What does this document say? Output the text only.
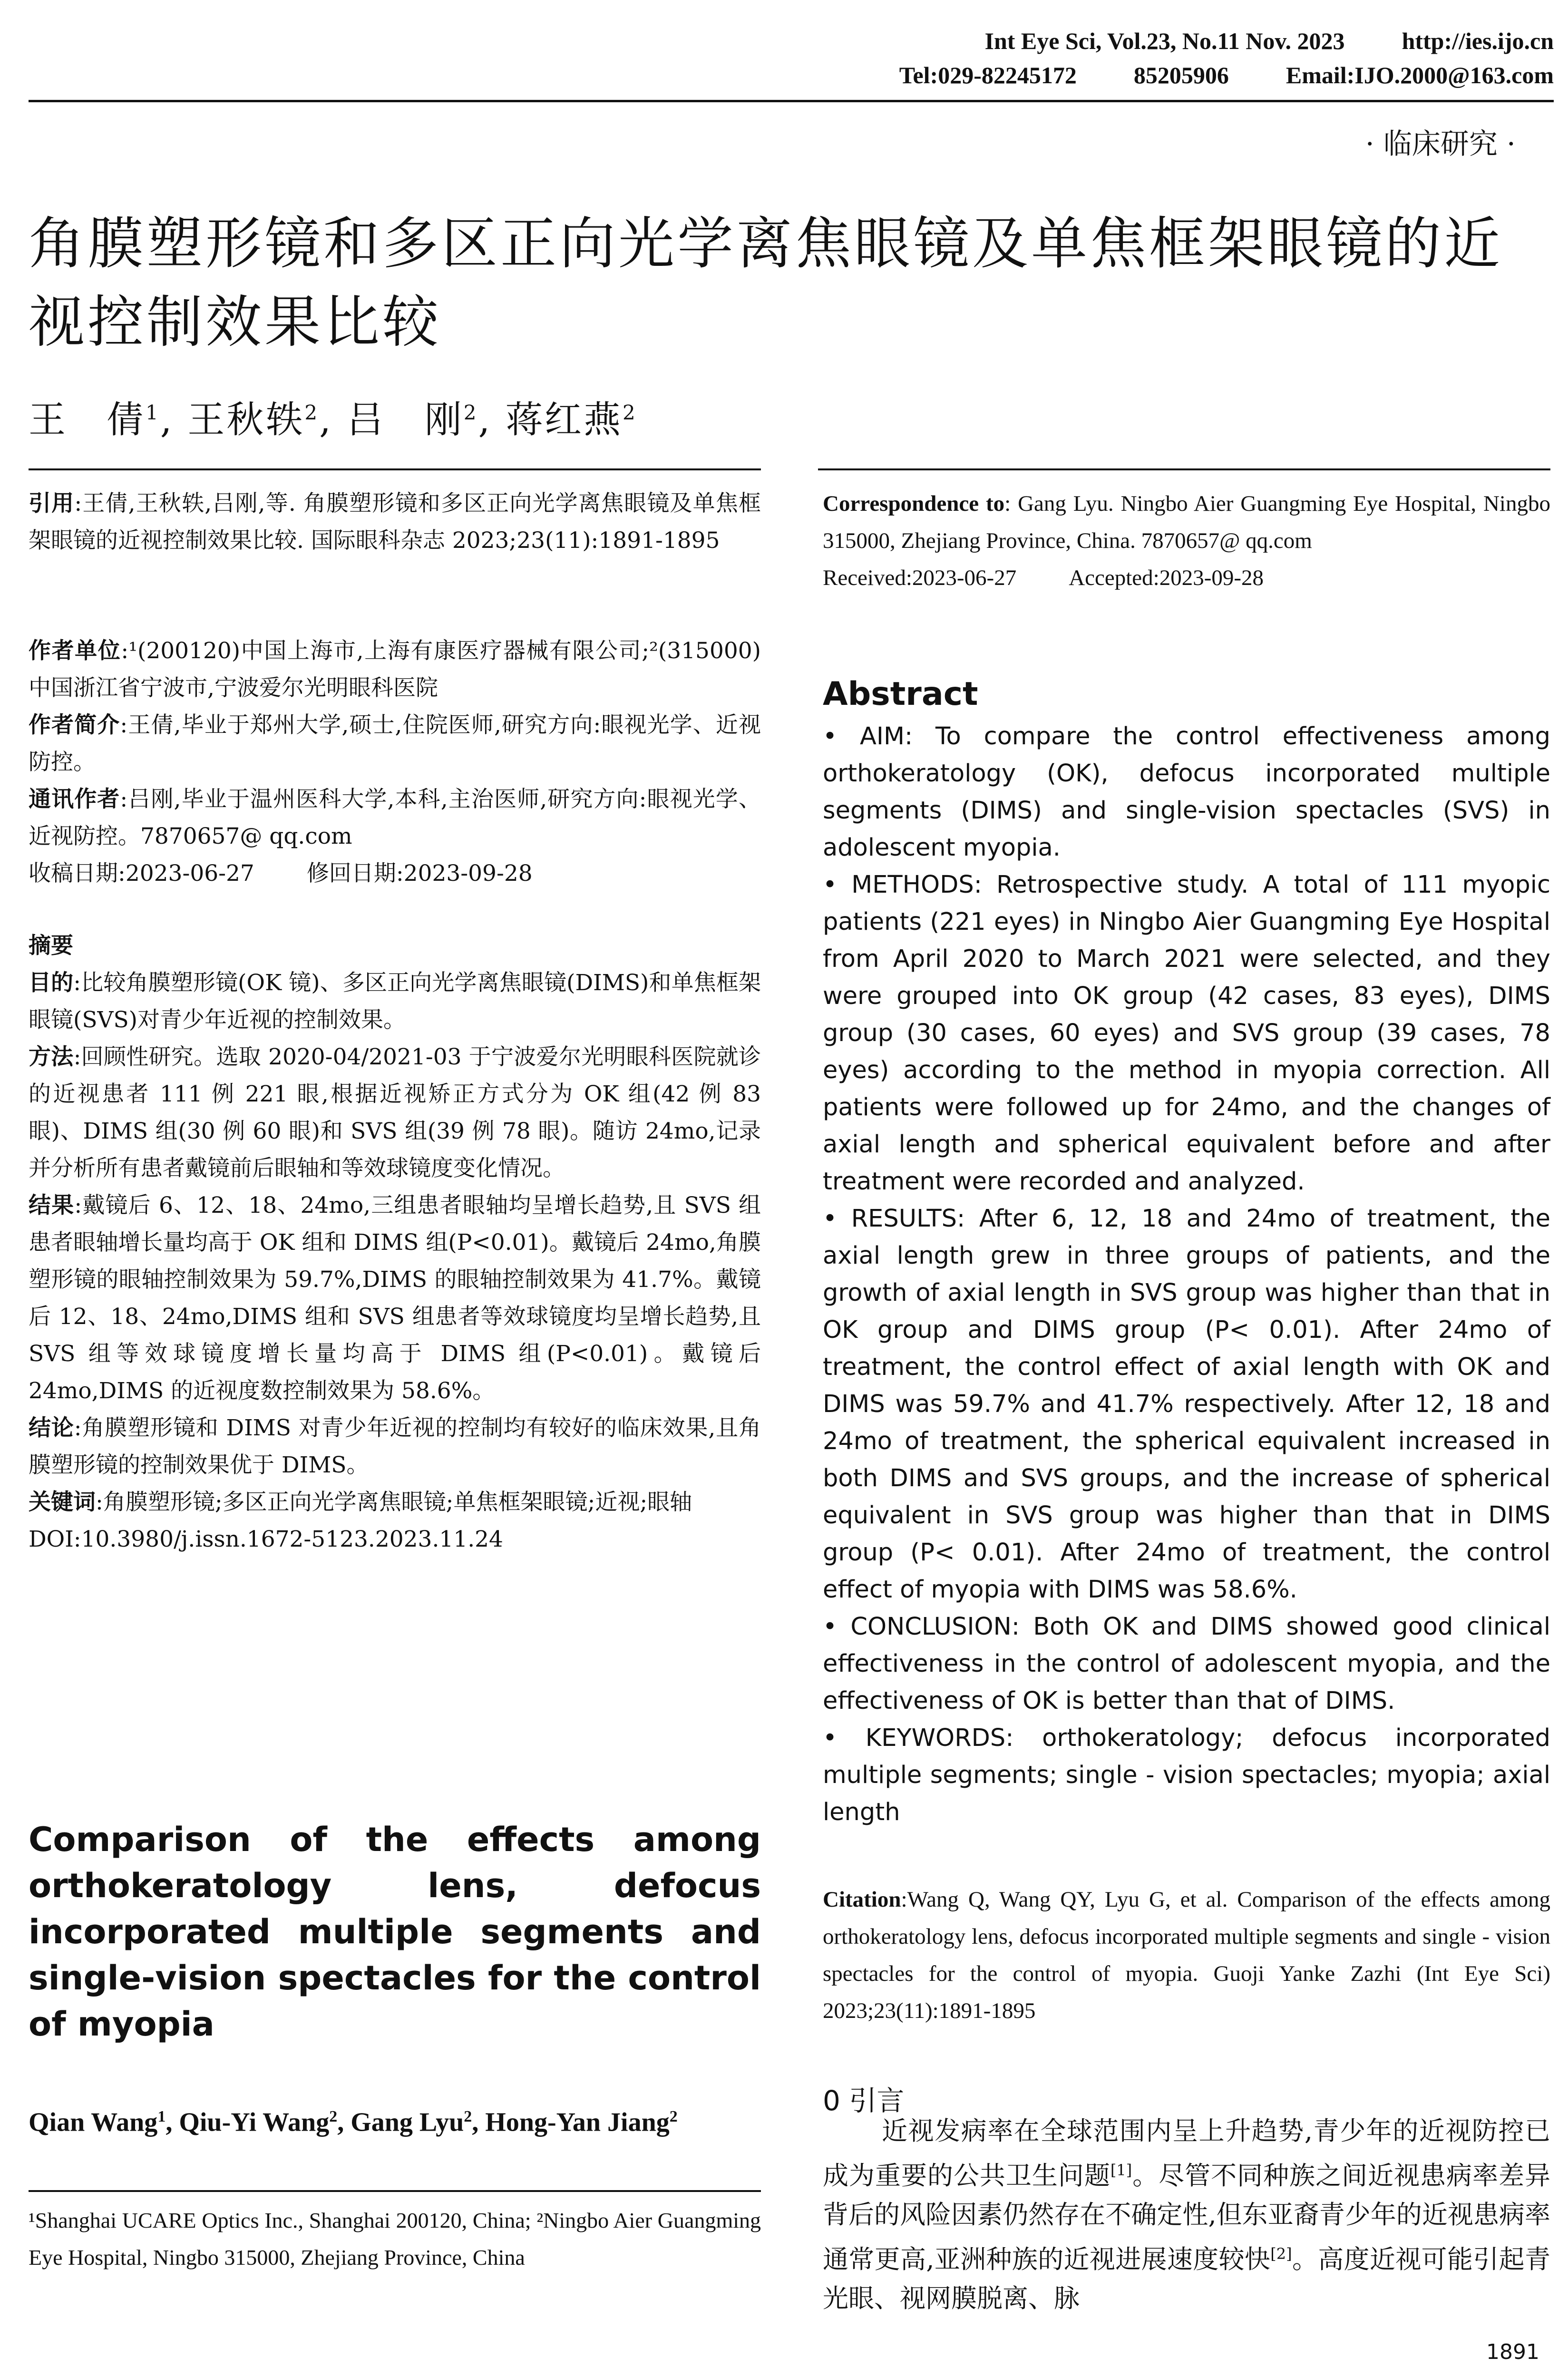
Int Eye Sci, Vol.23, No.11 Nov. 2023 http://ies.ijo.cn
Tel:029-82245172 85205906 Email:IJO.2000@163.com
· 临床研究 ·
角膜塑形镜和多区正向光学离焦眼镜及单焦框架眼镜的近视控制效果比较
王　倩$^1$, 王秋轶$^2$, 吕　刚$^2$, 蒋红燕$^2$
引用:王倩,王秋轶,吕刚,等. 角膜塑形镜和多区正向光学离焦眼镜及单焦框架眼镜的近视控制效果比较. 国际眼科杂志 2023;23(11):1891-1895
作者单位:¹(200120)中国上海市,上海有康医疗器械有限公司;²(315000)中国浙江省宁波市,宁波爱尔光明眼科医院
作者简介:王倩,毕业于郑州大学,硕士,住院医师,研究方向:眼视光学、近视防控。
通讯作者:吕刚,毕业于温州医科大学,本科,主治医师,研究方向:眼视光学、近视防控。7870657@ qq.com
收稿日期:2023-06-27 修回日期:2023-09-28
摘要
目的:比较角膜塑形镜(OK 镜)、多区正向光学离焦眼镜(DIMS)和单焦框架眼镜(SVS)对青少年近视的控制效果。
方法:回顾性研究。选取 2020-04/2021-03 于宁波爱尔光明眼科医院就诊的近视患者 111 例 221 眼,根据近视矫正方式分为 OK 组(42 例 83 眼)、DIMS 组(30 例 60 眼)和 SVS 组(39 例 78 眼)。随访 24mo,记录并分析所有患者戴镜前后眼轴和等效球镜度变化情况。
结果:戴镜后 6、12、18、24mo,三组患者眼轴均呈增长趋势,且 SVS 组患者眼轴增长量均高于 OK 组和 DIMS 组(P<0.01)。戴镜后 24mo,角膜塑形镜的眼轴控制效果为 59.7%,DIMS 的眼轴控制效果为 41.7%。戴镜后 12、18、24mo,DIMS 组和 SVS 组患者等效球镜度均呈增长趋势,且 SVS 组等效球镜度增长量均高于 DIMS 组(P<0.01)。戴镜后 24mo,DIMS 的近视度数控制效果为 58.6%。
结论:角膜塑形镜和 DIMS 对青少年近视的控制均有较好的临床效果,且角膜塑形镜的控制效果优于 DIMS。
关键词:角膜塑形镜;多区正向光学离焦眼镜;单焦框架眼镜;近视;眼轴
DOI:10.3980/j.issn.1672-5123.2023.11.24
Comparison of the effects among orthokeratology lens, defocus incorporated multiple segments and single-vision spectacles for the control of myopia
Qian Wang$^1$, Qiu-Yi Wang$^2$, Gang Lyu$^2$, Hong-Yan Jiang$^2$
¹Shanghai UCARE Optics Inc., Shanghai 200120, China; ²Ningbo Aier Guangming Eye Hospital, Ningbo 315000, Zhejiang Province, China
Correspondence to: Gang Lyu. Ningbo Aier Guangming Eye Hospital, Ningbo 315000, Zhejiang Province, China. 7870657@ qq.com
Received:2023-06-27 Accepted:2023-09-28
Abstract

• AIM: To compare the control effectiveness among orthokeratology (OK), defocus incorporated multiple segments (DIMS) and single-vision spectacles (SVS) in adolescent myopia.

• METHODS: Retrospective study. A total of 111 myopic patients (221 eyes) in Ningbo Aier Guangming Eye Hospital from April 2020 to March 2021 were selected, and they were grouped into OK group (42 cases, 83 eyes), DIMS group (30 cases, 60 eyes) and SVS group (39 cases, 78 eyes) according to the method in myopia correction. All patients were followed up for 24mo, and the changes of axial length and spherical equivalent before and after treatment were recorded and analyzed.

• RESULTS: After 6, 12, 18 and 24mo of treatment, the axial length grew in three groups of patients, and the growth of axial length in SVS group was higher than that in OK group and DIMS group (P< 0.01). After 24mo of treatment, the control effect of axial length with OK and DIMS was 59.7% and 41.7% respectively. After 12, 18 and 24mo of treatment, the spherical equivalent increased in both DIMS and SVS groups, and the increase of spherical equivalent in SVS group was higher than that in DIMS group (P< 0.01). After 24mo of treatment, the control effect of myopia with DIMS was 58.6%.

• CONCLUSION: Both OK and DIMS showed good clinical effectiveness in the control of adolescent myopia, and the effectiveness of OK is better than that of DIMS.

• KEYWORDS: orthokeratology; defocus incorporated multiple segments; single - vision spectacles; myopia; axial length

Citation:Wang Q, Wang QY, Lyu G, et al. Comparison of the effects among orthokeratology lens, defocus incorporated multiple segments and single - vision spectacles for the control of myopia. Guoji Yanke Zazhi (Int Eye Sci) 2023;23(11):1891-1895
0 引言
近视发病率在全球范围内呈上升趋势,青少年的近视防控已成为重要的公共卫生问题[1]。尽管不同种族之间近视患病率差异背后的风险因素仍然存在不确定性,但东亚裔青少年的近视患病率通常更高,亚洲种族的近视进展速度较快[2]。高度近视可能引起青光眼、视网膜脱离、脉
1891
